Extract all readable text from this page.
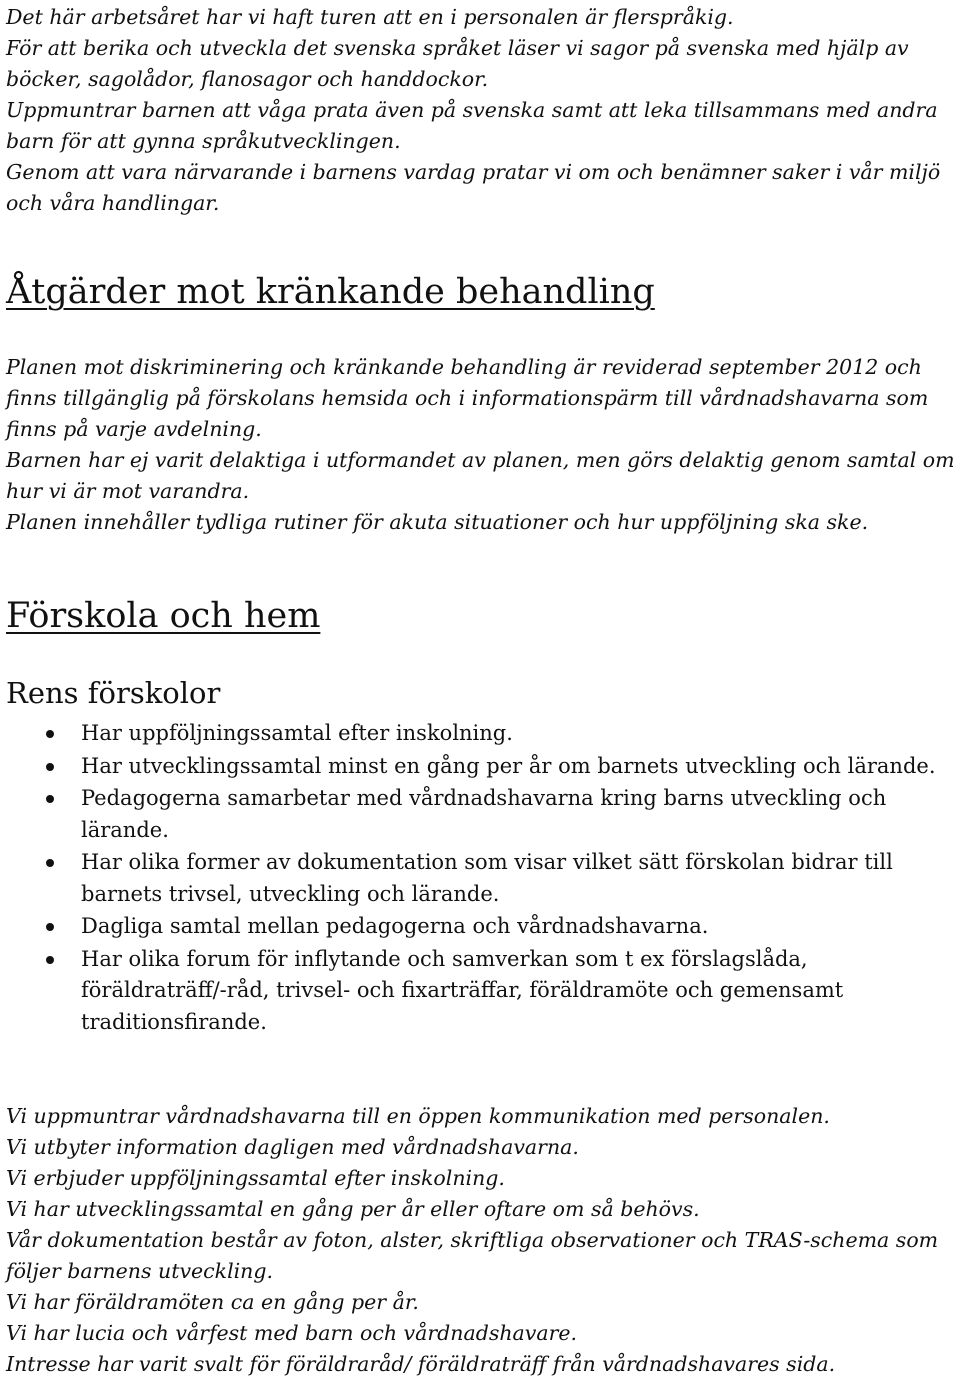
Det här arbetsåret har vi haft turen att en i personalen är flerspråkig.

För att berika och utveckla det svenska språket läser vi sagor på svenska med hjälp av böcker, sagolådor, flanosagor och handdockor.

Uppmuntrar barnen att våga prata även på svenska samt att leka tillsammans med andra barn för att gynna språkutvecklingen.

Genom att vara närvarande i barnens vardag pratar vi om och benämner saker i vår miljö och våra handlingar.

Åtgärder mot kränkande behandling

Planen mot diskriminering och kränkande behandling är reviderad september 2012 och finns tillgänglig på förskolans hemsida och i informationspärm till vårdnadshavarna som finns på varje avdelning.

Barnen har ej varit delaktiga i utformandet av planen, men görs delaktig genom samtal om hur vi är mot varandra.

Planen innehåller tydliga rutiner för akuta situationer och hur uppföljning ska ske.

Förskola och hem
Rens förskolor
Har uppföljningssamtal efter inskolning.
Har utvecklingssamtal minst en gång per år om barnets utveckling och lärande.
Pedagogerna samarbetar med vårdnadshavarna kring barns utveckling och lärande.
Har olika former av dokumentation som visar vilket sätt förskolan bidrar till barnets trivsel, utveckling och lärande.
Dagliga samtal mellan pedagogerna och vårdnadshavarna.
Har olika forum för inflytande och samverkan som t ex förslagslåda, föräldraträff/-råd, trivsel- och fixarträffar, föräldramöte och gemensamt traditionsfirande.

Vi uppmuntrar vårdnadshavarna till en öppen kommunikation med personalen.

Vi utbyter information dagligen med vårdnadshavarna.

Vi erbjuder uppföljningssamtal efter inskolning.

Vi har utvecklingssamtal en gång per år eller oftare om så behövs.

Vår dokumentation består av foton, alster, skriftliga observationer och TRAS-schema som följer barnens utveckling.

Vi har föräldramöten ca en gång per år.

Vi har lucia och vårfest med barn och vårdnadshavare.

Intresse har varit svalt för föräldraråd/ föräldraträff från vårdnadshavares sida.
